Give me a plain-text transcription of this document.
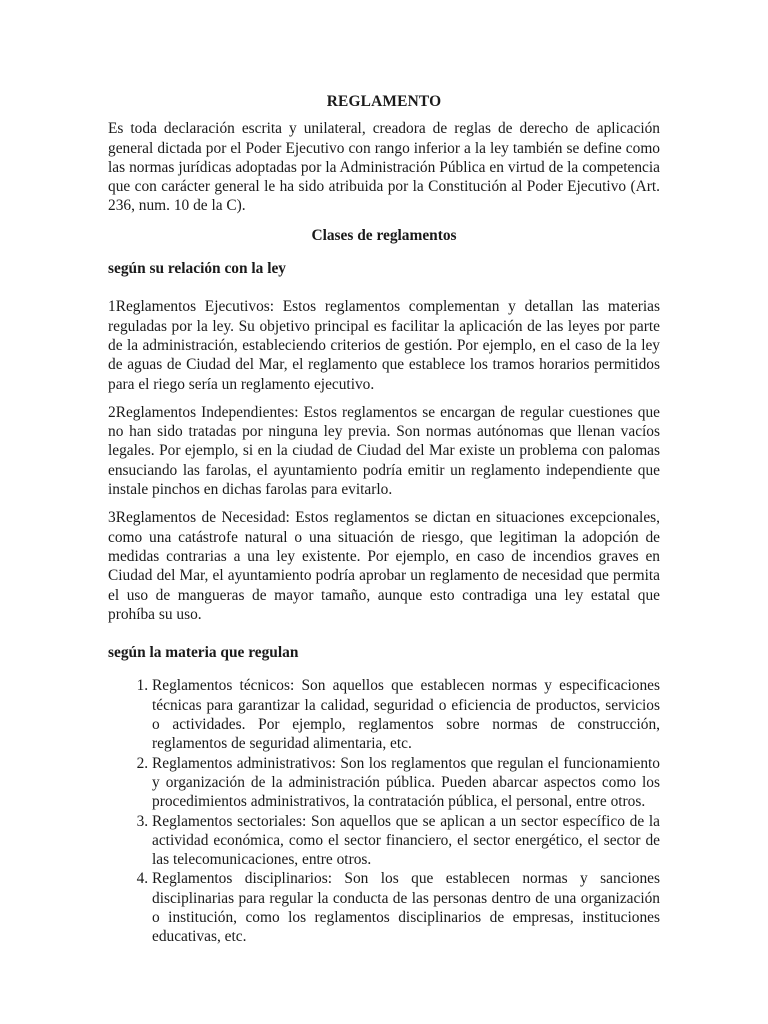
REGLAMENTO

Es toda declaración escrita y unilateral, creadora de reglas de derecho de aplicación general dictada por el Poder Ejecutivo con rango inferior a la ley también se define como las normas jurídicas adoptadas por la Administración Pública en virtud de la competencia que con carácter general le ha sido atribuida por la Constitución al Poder Ejecutivo (Art. 236, num. 10 de la C).

Clases de reglamentos
según su relación con la ley

1Reglamentos Ejecutivos: Estos reglamentos complementan y detallan las materias reguladas por la ley. Su objetivo principal es facilitar la aplicación de las leyes por parte de la administración, estableciendo criterios de gestión. Por ejemplo, en el caso de la ley de aguas de Ciudad del Mar, el reglamento que establece los tramos horarios permitidos para el riego sería un reglamento ejecutivo.

2Reglamentos Independientes: Estos reglamentos se encargan de regular cuestiones que no han sido tratadas por ninguna ley previa. Son normas autónomas que llenan vacíos legales. Por ejemplo, si en la ciudad de Ciudad del Mar existe un problema con palomas ensuciando las farolas, el ayuntamiento podría emitir un reglamento independiente que instale pinchos en dichas farolas para evitarlo.

3Reglamentos de Necesidad: Estos reglamentos se dictan en situaciones excepcionales, como una catástrofe natural o una situación de riesgo, que legitiman la adopción de medidas contrarias a una ley existente. Por ejemplo, en caso de incendios graves en Ciudad del Mar, el ayuntamiento podría aprobar un reglamento de necesidad que permita el uso de mangueras de mayor tamaño, aunque esto contradiga una ley estatal que prohíba su uso.

según la materia que regulan
1. Reglamentos técnicos: Son aquellos que establecen normas y especificaciones técnicas para garantizar la calidad, seguridad o eficiencia de productos, servicios o actividades. Por ejemplo, reglamentos sobre normas de construcción, reglamentos de seguridad alimentaria, etc.
2. Reglamentos administrativos: Son los reglamentos que regulan el funcionamiento y organización de la administración pública. Pueden abarcar aspectos como los procedimientos administrativos, la contratación pública, el personal, entre otros.
3. Reglamentos sectoriales: Son aquellos que se aplican a un sector específico de la actividad económica, como el sector financiero, el sector energético, el sector de las telecomunicaciones, entre otros.
4. Reglamentos disciplinarios: Son los que establecen normas y sanciones disciplinarias para regular la conducta de las personas dentro de una organización o institución, como los reglamentos disciplinarios de empresas, instituciones educativas, etc.
